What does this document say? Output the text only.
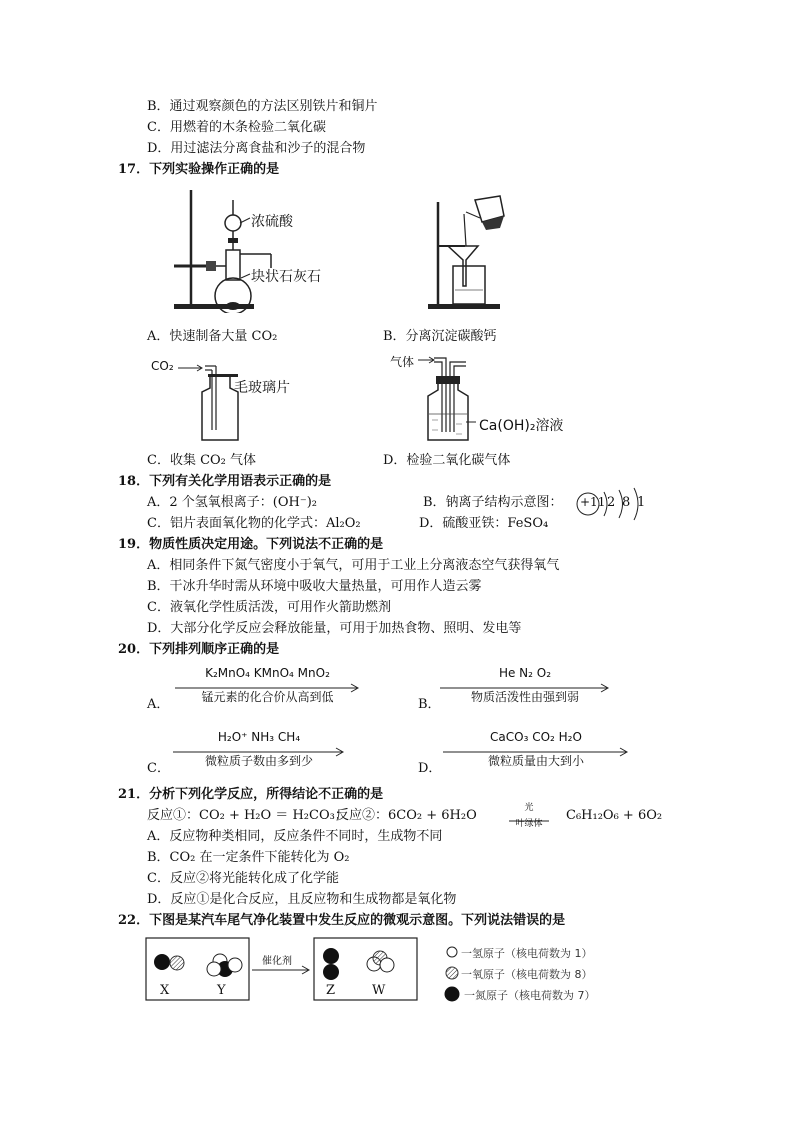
B．通过观察颜色的方法区别铁片和铜片
C．用燃着的木条检验二氧化碳
D．用过滤法分离食盐和沙子的混合物
17．下列实验操作正确的是
浓硫酸
块状石灰石
A．快速制备大量 CO₂	B．分离沉淀碳酸钙
CO₂
毛玻璃片
气体
Ca(OH)₂溶液
C．收集 CO₂ 气体	D．检验二氧化碳气体
18．下列有关化学用语表示正确的是
A．2 个氢氧根离子：(OH⁻)₂	B．钠离子结构示意图： +11 2 8 1
C．铝片表面氧化物的化学式：Al₂O₂	D．硫酸亚铁：FeSO₄
19．物质性质决定用途。下列说法不正确的是
A．相同条件下氮气密度小于氧气，可用于工业上分离液态空气获得氧气
B．干冰升华时需从环境中吸收大量热量，可用作人造云雾
C．液氧化学性质活泼，可用作火箭助燃剂
D．大部分化学反应会释放能量，可用于加热食物、照明、发电等
20．下列排列顺序正确的是
A．
K₂MnO₄ KMnO₄ MnO₂
锰元素的化合价从高到低	B．
He N₂ O₂
物质活泼性由强到弱
C．
H₂O⁺ NH₃ CH₄
微粒质子数由多到少	D．
CaCO₃ CO₂ H₂O
微粒质量由大到小
21．分析下列化学反应，所得结论不正确的是
反应①：CO₂ + H₂O ＝ H₂CO₃；
反应②：6CO₂ + 6H₂O	光
叶绿体
C₆H₁₂O₆ + 6O₂
A．反应物种类相同，反应条件不同时，生成物不同
B．CO₂ 在一定条件下能转化为 O₂
C．反应②将光能转化成了化学能
D．反应①是化合反应，且反应物和生成物都是氧化物
22．下图是某汽车尾气净化装置中发生反应的微观示意图。下列说法错误的是
X	Y
催化剂
Z	W
一氢原子（核电荷数为 1）
一氧原子（核电荷数为 8）
一氮原子（核电荷数为 7）
